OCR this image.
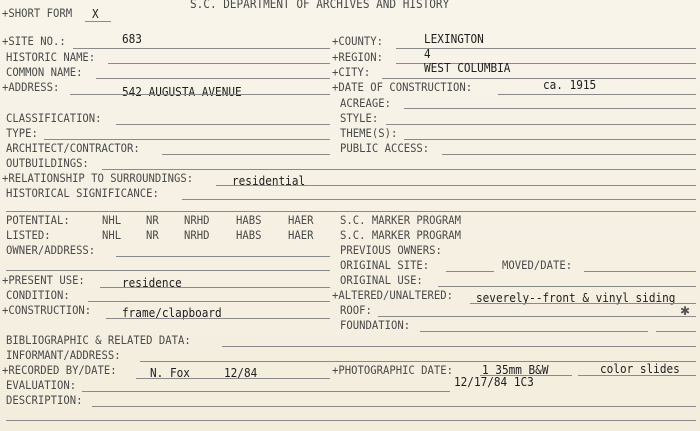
+SHORT FORM X
S.C. DEPARTMENT OF ARCHIVES AND HISTORY
+SITE NO.:	683	+COUNTY:	LEXINGTON
HISTORIC NAME:	+REGION:	4
COMMON NAME:	+CITY:	WEST COLUMBIA
+ADDRESS:	542 AUGUSTA AVENUE	+DATE OF CONSTRUCTION:	ca. 1915
ACREAGE:
CLASSIFICATION:	STYLE:
TYPE:	THEME(S):
ARCHITECT/CONTRACTOR:	PUBLIC ACCESS:
OUTBUILDINGS:
+RELATIONSHIP TO SURROUNDINGS:	residential
HISTORICAL SIGNIFICANCE:
POTENTIAL:	NHL NR NRHD HABS HAER S.C. MARKER PROGRAM
LISTED:	NHL NR NRHD HABS HAER S.C. MARKER PROGRAM
OWNER/ADDRESS:	PREVIOUS OWNERS:
ORIGINAL SITE:	MOVED/DATE:
+PRESENT USE:	residence	ORIGINAL USE:
CONDITION:	+ALTERED/UNALTERED: severely--front & vinyl siding
+CONSTRUCTION:	frame/clapboard	ROOF:	✱
FOUNDATION:
BIBLIOGRAPHIC & RELATED DATA:
INFORMANT/ADDRESS:
+RECORDED BY/DATE:	N. Fox	12/84	+PHOTOGRAPHIC DATE: 1 35mm B&W	color slides
12/17/84 1C3
EVALUATION:
DESCRIPTION:
